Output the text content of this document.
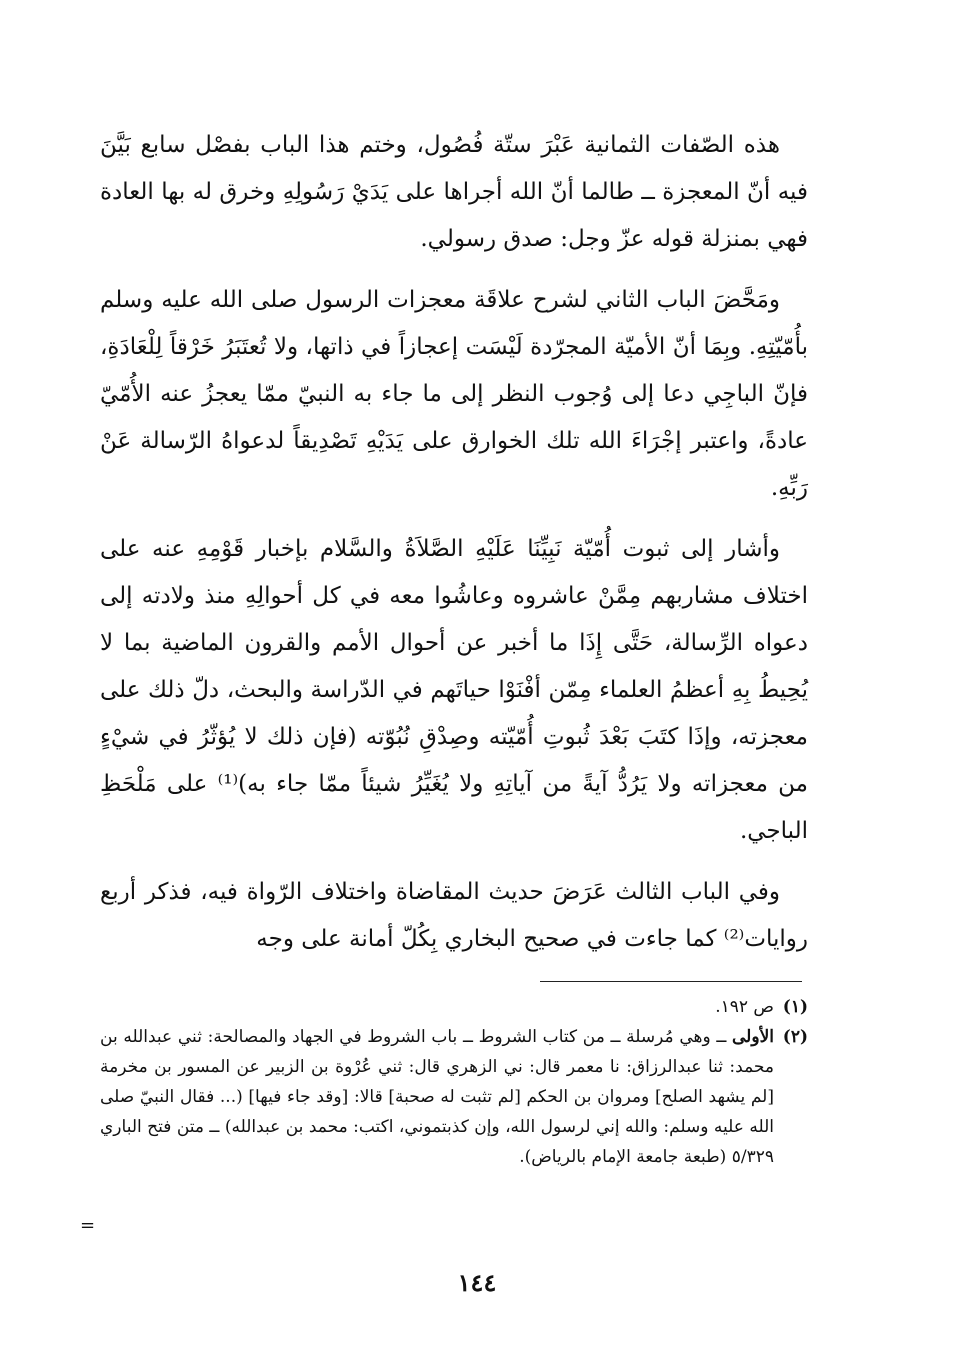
هذه الصّفات الثمانية عَبْرَ ستّة فُصُول، وختم هذا الباب بفصْل سابع بَيَّنَ فيه أنّ المعجزة ــ طالما أنّ الله أجراها على يَدَيْ رَسُولِهِ وخرق له بها العادة فهي بمنزلة قوله عزّ وجل: صدق رسولي.

ومَحَّضَ الباب الثاني لشرح علاقَة معجزات الرسول صلى الله عليه وسلم بأُمّيّتِهِ. وبِمَا أنّ الأميّة المجرّدة لَيْسَت إعجازاً في ذاتها، ولا تُعتَبَرُ خَرْقاً لِلْعَادَةِ، فإنّ الباجِي دعا إلى وُجوب النظر إلى ما جاء به النبيّ ممّا يعجزُ عنه الأُمّيّ عادةً، واعتبر إجْرَاءَ الله تلك الخوارق على يَدَيْهِ تَصْدِيقاً لدعواهُ الرّسالة عَنْ رَبِّهِ.

وأشار إلى ثبوت أُمّيّة نَبِيِّنَا عَلَيْهِ الصَّلاَةُ والسَّلام بإخبار قَوْمِهِ عنه على اختلاف مشاربهم مِمَّنْ عاشروه وعاشُوا معه في كل أحوالِهِ منذ ولادته إلى دعواه الرِّسالة، حَتَّى إِذَا ما أخبر عن أحوال الأمم والقرون الماضية بما لا يُحِيطُ بِهِ أعظمُ العلماء مِمّن أفْنَوْا حياتَهم في الدّراسة والبحث، دلّ ذلك على معجزته، وإذَا كتَبَ بَعْدَ ثُبوتِ أُمّيّته وصِدْقِ نُبُوّته (فإن ذلك لا يُؤثّرُ في شيْءٍ من معجزاته ولا يَرُدُّ آيةً من آياتِهِ ولا يُغَيِّرُ شيئاً ممّا جاء به)⁽¹⁾ على مَلْحَظِ الباجي.

وفي الباب الثالث عَرَضَ حديث المقاضاة واختلاف الرّواة فيه، فذكر أربع روايات⁽²⁾ كما جاءت في صحيح البخاري بِكُلّ أمانة على وجه

(١)
ص ١٩٢.
(٢)
الأولى ــ وهي مُرسلة ــ من كتاب الشروط ــ باب الشروط في الجهاد والمصالحة: ثني عبدالله بن محمد: ثنا عبدالرزاق: نا معمر قال: ني الزهري قال: ثني عُرْوة بن الزبير عن المسور بن مخرمة [لم يشهد الصلح] ومروان بن الحكم [لم تثبت له صحبة] قالا: [وقد جاء فيها] (... فقال النبيّ صلى الله عليه وسلم: والله إني لرسول الله، وإن كذبتموني، اكتب: محمد بن عبدالله) ــ متن فتح الباري ٥/٣٢٩ (طبعة جامعة الإمام بالرياض).
=
١٤٤
